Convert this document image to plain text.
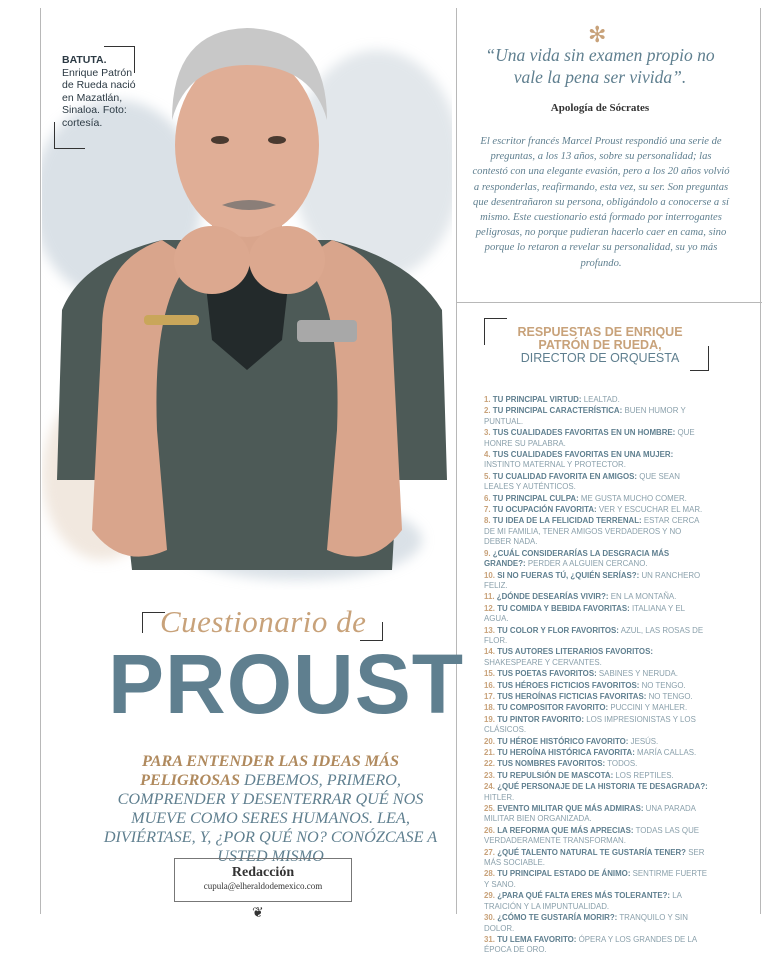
BATUTA.
Enrique Patrón de Rueda nació en Mazatlán, Sinaloa. Foto: cortesía.
Cuestionario de
PROUST
PARA ENTENDER LAS IDEAS MÁS PELIGROSAS DEBEMOS, PRIMERO, COMPRENDER Y DESENTERRAR QUÉ NOS MUEVE COMO SERES HUMANOS. LEA, DIVIÉRTASE, Y, ¿POR QUÉ NO? CONÓZCASE A USTED MISMO
Redacción
cupula@elheraldodemexico.com
❦
✻
“Una vida sin examen propio no vale la pena ser vivida”.
Apología de Sócrates
El escritor francés Marcel Proust respondió una serie de preguntas, a los 13 años, sobre su personalidad; las contestó con una elegante evasión, pero a los 20 años volvió a responderlas, reafirmando, esta vez, su ser. Son preguntas que desentrañaron su persona, obligándolo a conocerse a sí mismo. Este cuestionario está formado por interrogantes peligrosas, no porque pudieran hacerlo caer en cama, sino porque lo retaron a revelar su personalidad, su yo más profundo.
RESPUESTAS DE ENRIQUE PATRÓN DE RUEDA,
DIRECTOR DE ORQUESTA
1. TU PRINCIPAL VIRTUD: LEALTAD.
2. TU PRINCIPAL CARACTERÍSTICA: BUEN HUMOR Y PUNTUAL.
3. TUS CUALIDADES FAVORITAS EN UN HOMBRE: QUE HONRE SU PALABRA.
4. TUS CUALIDADES FAVORITAS EN UNA MUJER: INSTINTO MATERNAL Y PROTECTOR.
5. TU CUALIDAD FAVORITA EN AMIGOS: QUE SEAN LEALES Y AUTÉNTICOS.
6. TU PRINCIPAL CULPA: ME GUSTA MUCHO COMER.
7. TU OCUPACIÓN FAVORITA: VER Y ESCUCHAR EL MAR.
8. TU IDEA DE LA FELICIDAD TERRENAL: ESTAR CERCA DE MI FAMILIA, TENER AMIGOS VERDADEROS Y NO DEBER NADA.
9. ¿CUÁL CONSIDERARÍAS LA DESGRACIA MÁS GRANDE?: PERDER A ALGUIEN CERCANO.
10. SI NO FUERAS TÚ, ¿QUIÉN SERÍAS?: UN RANCHERO FELIZ.
11. ¿DÓNDE DESEARÍAS VIVIR?: EN LA MONTAÑA.
12. TU COMIDA Y BEBIDA FAVORITAS: ITALIANA Y EL AGUA.
13. TU COLOR Y FLOR FAVORITOS: AZUL, LAS ROSAS DE FLOR.
14. TUS AUTORES LITERARIOS FAVORITOS: SHAKESPEARE Y CERVANTES.
15. TUS POETAS FAVORITOS: SABINES Y NERUDA.
16. TUS HÉROES FICTICIOS FAVORITOS: NO TENGO.
17. TUS HEROÍNAS FICTICIAS FAVORITAS: NO TENGO.
18. TU COMPOSITOR FAVORITO: PUCCINI Y MAHLER.
19. TU PINTOR FAVORITO: LOS IMPRESIONISTAS Y LOS CLÁSICOS.
20. TU HÉROE HISTÓRICO FAVORITO: JESÚS.
21. TU HEROÍNA HISTÓRICA FAVORITA: MARÍA CALLAS.
22. TUS NOMBRES FAVORITOS: TODOS.
23. TU REPULSIÓN DE MASCOTA: LOS REPTILES.
24. ¿QUÉ PERSONAJE DE LA HISTORIA TE DESAGRADA?: HITLER.
25. EVENTO MILITAR QUE MÁS ADMIRAS: UNA PARADA MILITAR BIEN ORGANIZADA.
26. LA REFORMA QUE MÁS APRECIAS: TODAS LAS QUE VERDADERAMENTE TRANSFORMAN.
27. ¿QUÉ TALENTO NATURAL TE GUSTARÍA TENER? SER MÁS SOCIABLE.
28. TU PRINCIPAL ESTADO DE ÁNIMO: SENTIRME FUERTE Y SANO.
29. ¿PARA QUÉ FALTA ERES MÁS TOLERANTE?: LA TRAICIÓN Y LA IMPUNTUALIDAD.
30. ¿CÓMO TE GUSTARÍA MORIR?: TRANQUILO Y SIN DOLOR.
31. TU LEMA FAVORITO: ÓPERA Y LOS GRANDES DE LA ÉPOCA DE ORO.
